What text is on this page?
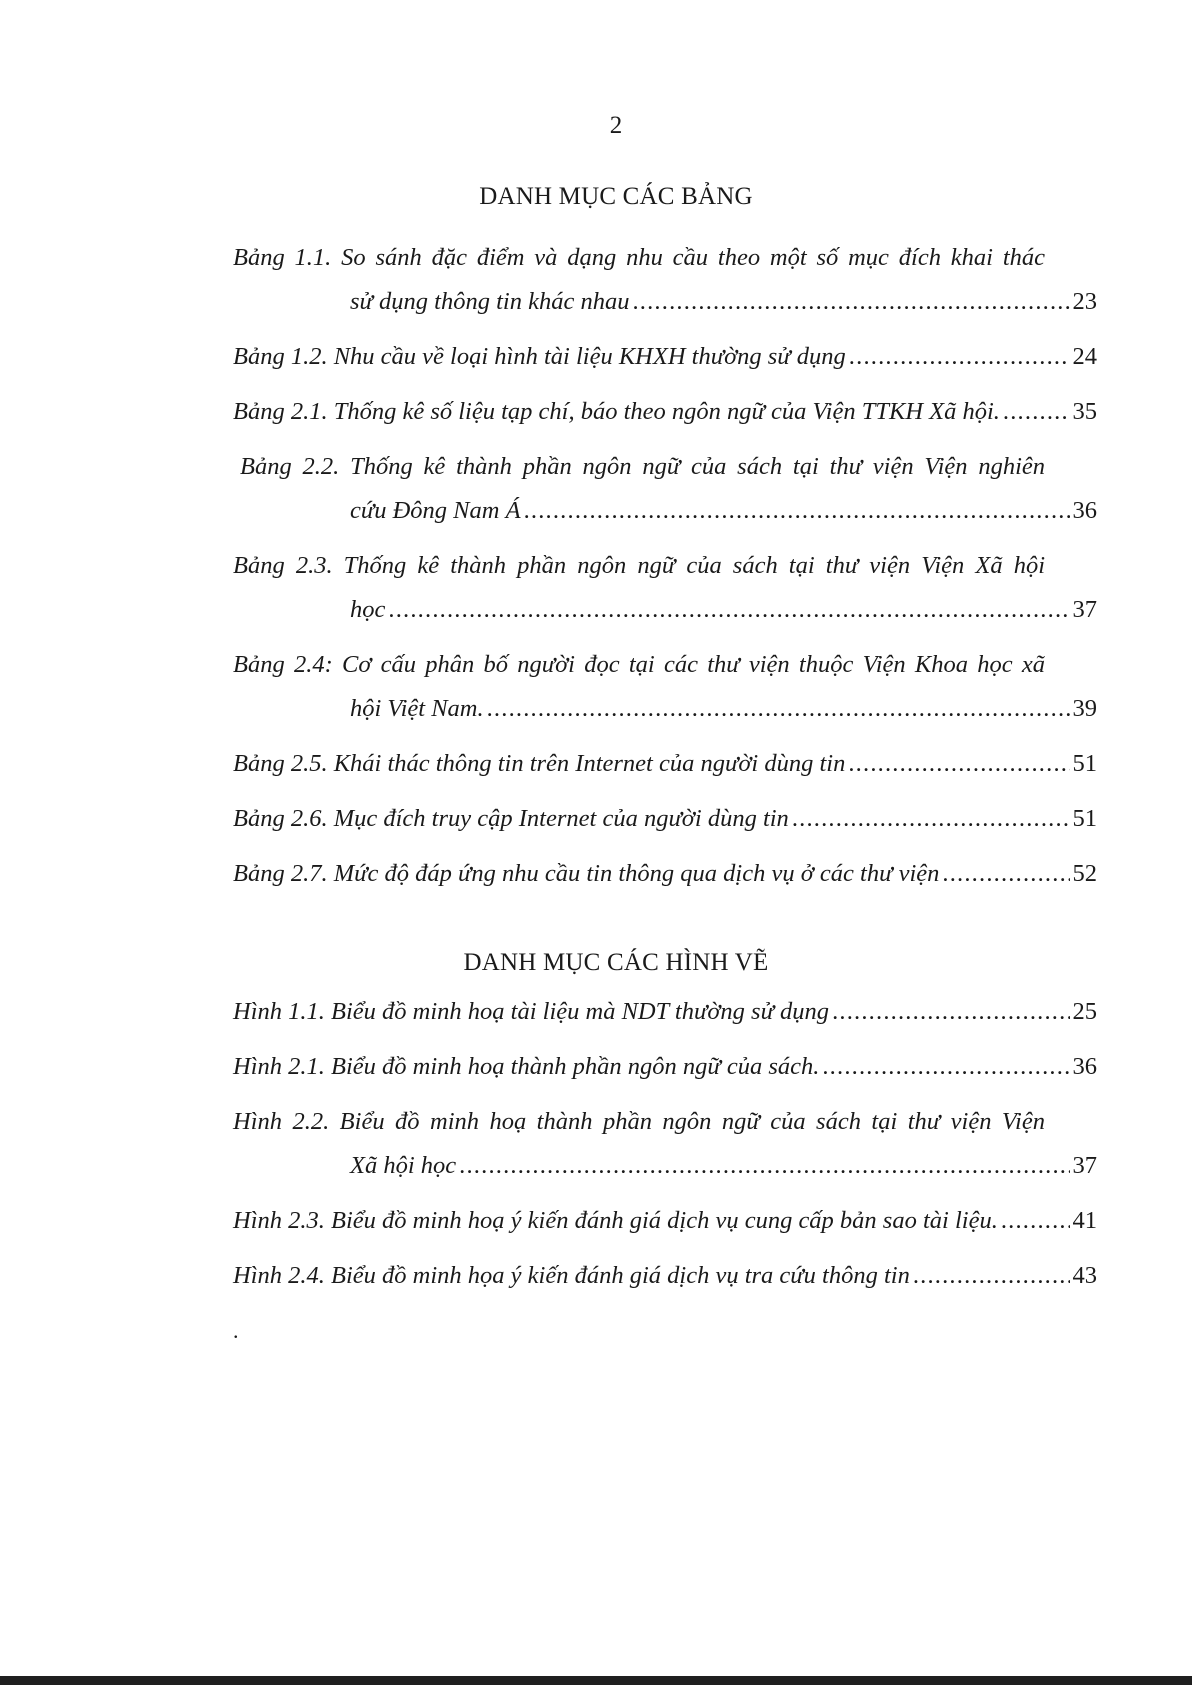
2
DANH MỤC CÁC BẢNG
Bảng 1.1. So sánh đặc điểm và dạng nhu cầu theo một số mục đích khai thác
sử dụng thông tin khác nhau .....	23
Bảng 1.2. Nhu cầu về loại hình tài liệu KHXH thường sử dụng .....	24
Bảng 2.1. Thống kê số liệu tạp chí, báo theo ngôn ngữ của Viện TTKH Xã hội. .....	35
Bảng 2.2. Thống kê thành phần ngôn ngữ của sách tại thư viện Viện nghiên
cứu Đông Nam Á .....	36
Bảng 2.3. Thống kê thành phần ngôn ngữ của sách tại thư viện Viện Xã hội
học .....	37
Bảng 2.4: Cơ cấu phân bố người đọc tại các thư viện thuộc Viện Khoa học xã
hội Việt Nam. .....	39
Bảng 2.5. Khái thác thông tin trên Internet của người dùng tin .....	51
Bảng 2.6. Mục đích truy cập Internet của người dùng tin .....	51
Bảng 2.7. Mức độ đáp ứng nhu cầu tin thông qua dịch vụ ở các thư viện .....	52
DANH MỤC CÁC HÌNH VẼ
Hình 1.1. Biểu đồ minh hoạ tài liệu mà NDT thường sử dụng .....	25
Hình 2.1. Biểu đồ minh hoạ thành phần ngôn ngữ của sách. .....	36
Hình 2.2. Biểu đồ minh hoạ thành phần ngôn ngữ của sách tại thư viện Viện
Xã hội học .....	37
Hình 2.3. Biểu đồ minh hoạ ý kiến đánh giá dịch vụ cung cấp bản sao tài liệu. .....	41
Hình 2.4. Biểu đồ minh họa ý kiến đánh giá dịch vụ tra cứu thông tin .....	43
.
